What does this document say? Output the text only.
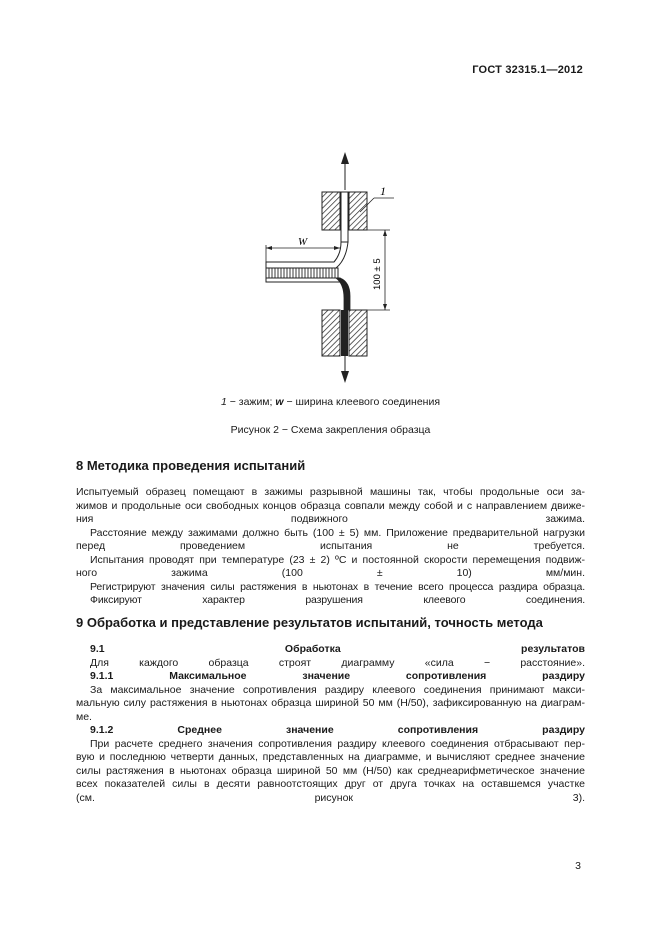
ГОСТ 32315.1—2012
W
100 ± 5
1
1 − зажим; w − ширина клеевого соединения
Рисунок 2 − Схема закрепления образца
8 Методика проведения испытаний

Испытуемый образец помещают в зажимы разрывной машины так, чтобы продольные оси за-

жимов и продольные оси свободных концов образца совпали между собой и с направлением движе-

ния подвижного зажима.

Расстояние между зажимами должно быть (100 ± 5) мм. Приложение предварительной нагрузки

перед проведением испытания не требуется.

Испытания проводят при температуре (23 ± 2) ºС и постоянной скорости перемещения подвиж-

ного зажима (100 ± 10) мм/мин.

Регистрируют значения силы растяжения в ньютонах в течение всего процесса раздира образца.

Фиксируют характер разрушения клеевого соединения.

9 Обработка и представление результатов испытаний, точность метода

9.1 Обработка результатов

Для каждого образца строят диаграмму «сила − расстояние».

9.1.1 Максимальное значение сопротивления раздиру

За максимальное значение сопротивления раздиру клеевого соединения принимают макси-

мальную силу растяжения в ньютонах образца шириной 50 мм (Н/50), зафиксированную на диаграм-

ме.

9.1.2 Среднее значение сопротивления раздиру

При расчете среднего значения сопротивления раздиру клеевого соединения отбрасывают пер-

вую и последнюю четверти данных, представленных на диаграмме, и вычисляют среднее значение

силы растяжения в ньютонах образца шириной 50 мм (Н/50) как среднеарифметическое значение

всех показателей силы в десяти равноотстоящих друг от друга точках на оставшемся участке

(см. рисунок 3).

3
